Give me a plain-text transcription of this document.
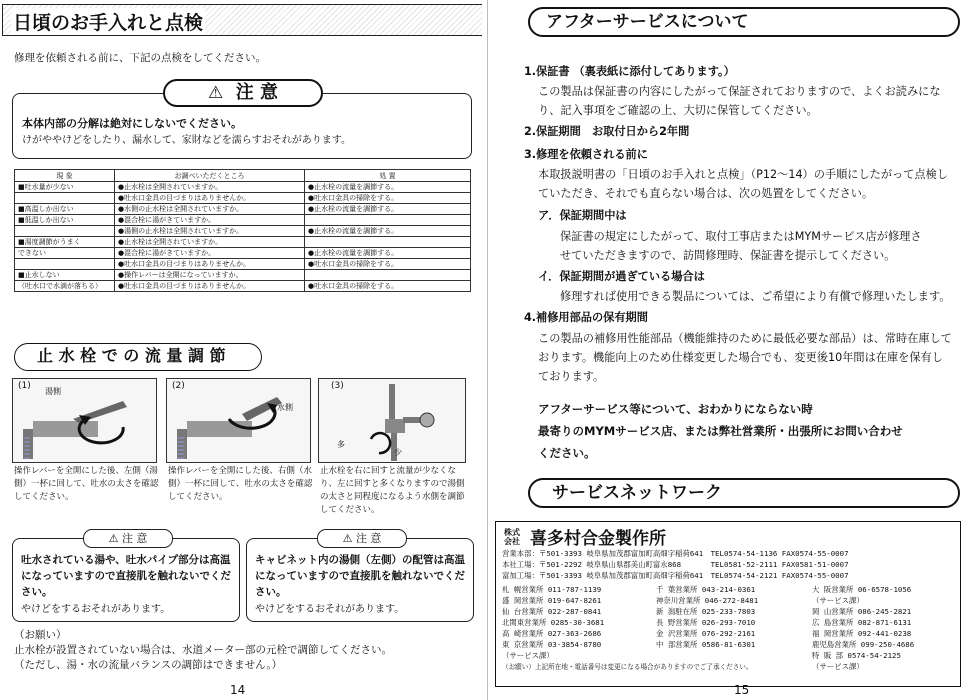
日頃のお手入れと点検
修理を依頼される前に、下記の点検をしてください。
⚠ 注 意
本体内部の分解は絶対にしないでください。
けがややけどをしたり、漏水して、家財などを濡らすおそれがあります。
現 象	お調べいただくところ	処 置
■吐水量が少ない	●止水栓は全開されていますか。	●止水栓の流量を調節する。
	●吐水口金具の目づまりはありませんか。	●吐水口金具の掃除をする。
■高温しか出ない	●水側の止水栓は全開されていますか。	●止水栓の流量を調節する。
■低温しか出ない	●混合栓に湯がきていますか。	
	●湯側の止水栓は全開されていますか。	●止水栓の流量を調節する。
■湯度調節がうまく	●止水栓は全開されていますか。	
できない	●混合栓に湯がきていますか。	●止水栓の流量を調節する。
	●吐水口金具の目づまりはありませんか。	●吐水口金具の掃除をする。
■止水しない	●操作レバーは全開になっていますか。	
（吐水口で水滴が落ちる）	●吐水口金具の目づまりはありませんか。	●吐水口金具の掃除をする。
止 水 栓 で の 流 量 調 節
(1)
湯側
(2)
水側
(3)
多
少
操作レバーを全開にした後、左側（湯側）一杯に回して、吐水の太さを確認してください。
操作レバーを全開にした後、右側（水側）一杯に回して、吐水の太さを確認してください。
止水栓を右に回すと流量が少なくなり、左に回すと多くなりますので湯側の太さと同程度になるよう水側を調節してください。
⚠ 注 意
吐水されている湯や、吐水パイプ部分は高温になっていますので直接肌を触れないでください。
やけどをするおそれがあります。
⚠ 注 意
キャビネット内の湯側（左側）の配管は高温になっていますので直接肌を触れないでください。
やけどをするおそれがあります。
（お願い）
止水栓が設置されていない場合は、水道メーター部の元栓で調節してください。
（ただし、湯・水の流量バランスの調節はできません。）
14
アフターサービスについて
1.保証書 （裏表紙に添付してあります。）
この製品は保証書の内容にしたがって保証されておりますので、よくお読みにな
り、記入事項をご確認の上、大切に保管してください。
2.保証期間　お取付日から2年間
3.修理を依頼される前に
本取扱説明書の「日頃のお手入れと点検」（P12〜14）の手順にしたがって点検し
ていただき、それでも直らない場合は、次の処置をしてください。
ア．保証期間中は
保証書の規定にしたがって、取付工事店またはMYMサービス店が修理さ
せていただきますので、訪問修理時、保証書を提示してください。
イ．保証期間が過ぎている場合は
修理すれば使用できる製品については、ご希望により有償で修理いたします。
4.補修用部品の保有期間
この製品の補修用性能部品（機能維持のために最低必要な部品）は、常時在庫して
おります。機能向上のため仕様変更した場合でも、変更後10年間は在庫を保有し
ております。
アフターサービス等について、おわかりにならない時
最寄りのMYMサービス店、または弊社営業所・出張所にお問い合わせ
ください。
サービスネットワーク
株式会社 喜多村合金製作所
営業本部：〒501-3393 岐阜県加茂郡富加町高畑字稲荷641　TEL0574-54-1136 FAX0574-55-0007
本社工場：〒501-2292 岐阜県山県郡美山町富永868　　　　TEL0581-52-2111 FAX0581-51-0007
富加工場：〒501-3393 岐阜県加茂郡富加町高畑字稲荷641　TEL0574-54-2121 FAX0574-55-0007
札 幌営業所 011-787-1139
盛 岡営業所 019-647-8261
仙 台営業所 022-287-0841
北関東営業所 0285-30-3681
高 崎営業所 027-363-2686
東 京営業所 03-3854-8780
（サービス課）
千 葉営業所 043-214-0361
神奈川営業所 046-272-8481
新 潟駐在所 025-233-7803
長 野営業所 026-293-7010
金 沢営業所 076-292-2161
中 部営業所 0586-81-6301
大 阪営業所 06-6578-1056
（サービス課）
岡 山営業所 086-245-2821
広 島営業所 082-871-6131
福 岡営業所 092-441-0238
鹿児島営業所 099-250-4686
特 販 部 0574-54-2125
（サービス課）
（お願い）上記所在地・電話番号は変更になる場合がありますのでご了承ください。
15
